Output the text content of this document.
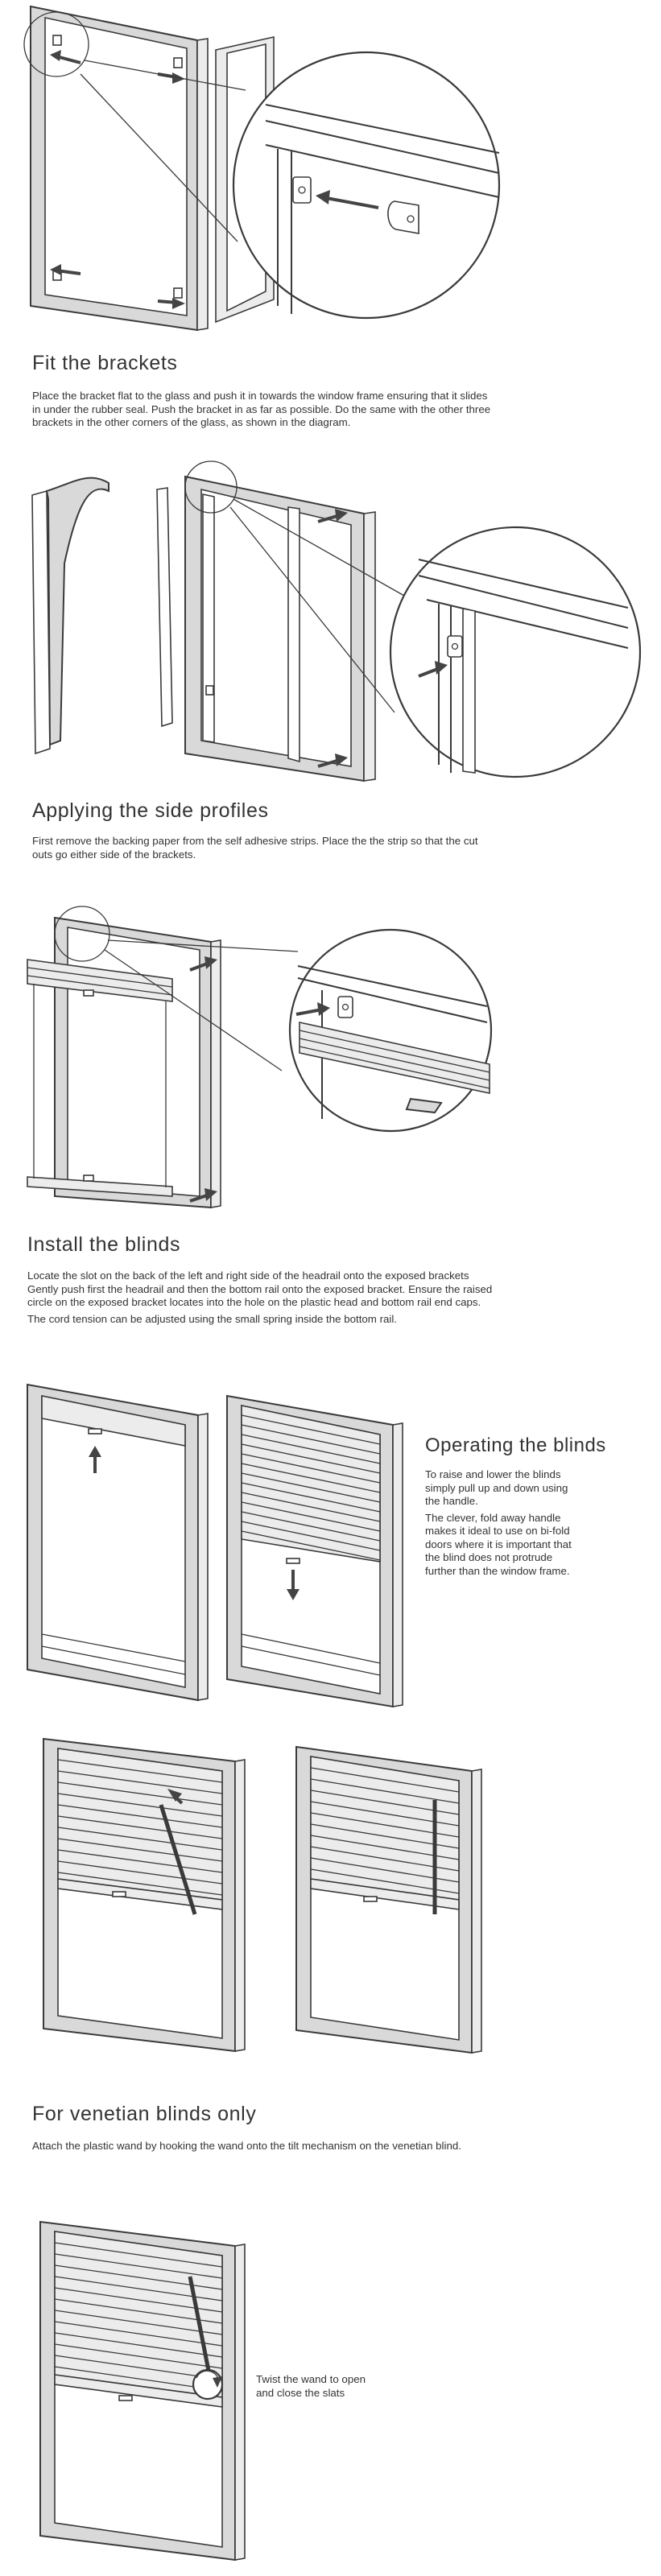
Fit the brackets

Place the bracket flat to the glass and push it in towards the window frame ensuring that it slides

in under the rubber seal. Push the bracket in as far as possible. Do the same with the other three

brackets in the other corners of the glass, as shown in the diagram.

Applying the side profiles

First remove the backing paper from the self adhesive strips. Place the the strip so that the cut

outs go either side of the brackets.

Install the blinds

Locate the slot on the back of the left and right side of the headrail onto the exposed brackets

Gently push first the headrail and then the bottom rail onto the exposed bracket. Ensure the raised

circle on the exposed bracket locates into the hole on the plastic head and bottom rail end caps.

The cord tension can be adjusted using the small spring inside the bottom rail.

Operating the blinds

To raise and lower the blinds

simply pull up and down using

the handle.

The clever, fold away handle

makes it ideal to use on bi-fold

doors where it is important that

the blind does not protrude

further than the window frame.

For venetian blinds only

Attach the plastic wand by hooking the wand onto the tilt mechanism on the venetian blind.

Twist the wand to open

and close the slats
